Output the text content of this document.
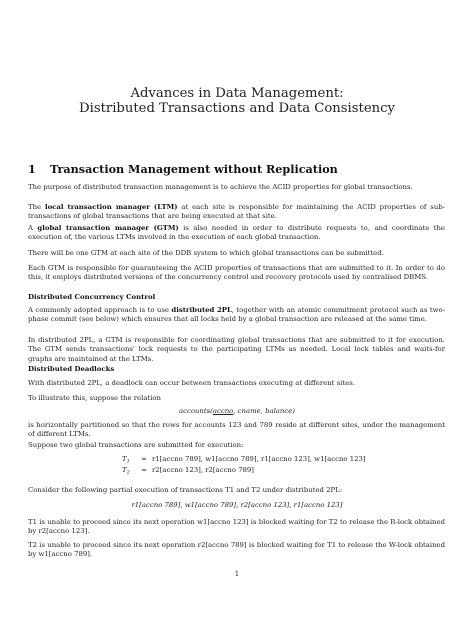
Advances in Data Management:
Distributed Transactions and Data Consistency
1 Transaction Management without Replication
The purpose of distributed transaction management is to achieve the ACID properties for global transactions.
The local transaction manager (LTM) at each site is responsible for maintaining the ACID properties of sub-transactions of global transactions that are being executed at that site.
A global transaction manager (GTM) is also needed in order to distribute requests to, and coordinate the execution of, the various LTMs involved in the execution of each global transaction.
There will be one GTM at each site of the DDB system to which global transactions can be submitted.
Each GTM is responsible for guaranteeing the ACID properties of transactions that are submitted to it. In order to do this, it employs distributed versions of the concurrency control and recovery protocols used by centralised DBMS.
Distributed Concurrency Control
A commonly adopted approach is to use distributed 2PL, together with an atomic commitment protocol such as two-phase commit (see below) which ensures that all locks held by a global transaction are released at the same time.
In distributed 2PL, a GTM is responsible for coordinating global transactions that are submitted to it for execution. The GTM sends transactions' lock requests to the participating LTMs as needed. Local lock tables and waits-for graphs are maintained at the LTMs.
Distributed Deadlocks
With distributed 2PL, a deadlock can occur between transactions executing at different sites.
To illustrate this, suppose the relation
accounts(accno, cname, balance)
is horizontally partitioned so that the rows for accounts 123 and 789 reside at different sites, under the management of different LTMs.
Suppose two global transactions are submitted for execution:
$T_1$ = r1[accno 789], w1[accno 789], r1[accno 123], w1[accno 123]
$T_2$ = r2[accno 123], r2[accno 789]
Consider the following partial execution of transactions T1 and T2 under distributed 2PL:
r1[accno 789], w1[accno 789], r2[accno 123], r1[accno 123]
T1 is unable to proceed since its next operation w1[accno 123] is blocked waiting for T2 to release the R-lock obtained by r2[accno 123].
T2 is unable to proceed since its next operation r2[accno 789] is blocked waiting for T1 to release the W-lock obtained by w1[accno 789].
1
